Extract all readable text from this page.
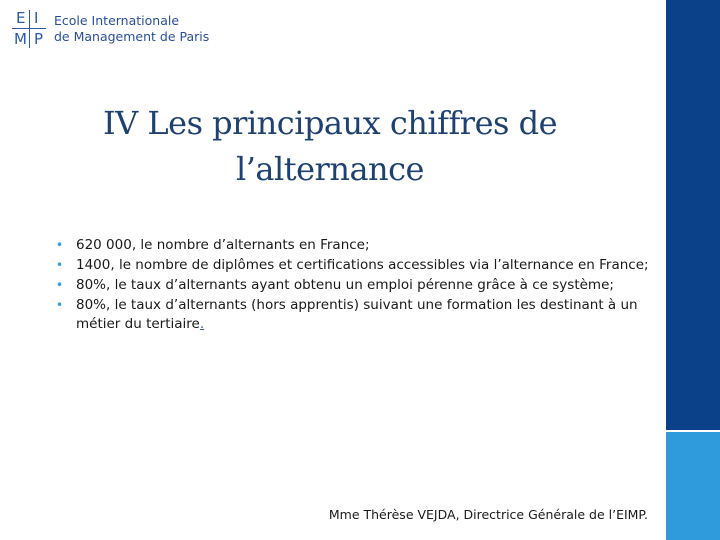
E I
M P
Ecole Internationale
de Management de Paris
IV Les principaux chiffres de
l’alternance
• 620 000, le nombre d’alternants en France;
• 1400, le nombre de diplômes et certifications accessibles via l’alternance en France;
• 80%, le taux d’alternants ayant obtenu un emploi pérenne grâce à ce système;
• 80%, le taux d’alternants (hors apprentis) suivant une formation les destinant à un métier du tertiaire.
Mme Thérèse VEJDA, Directrice Générale de l’EIMP.
